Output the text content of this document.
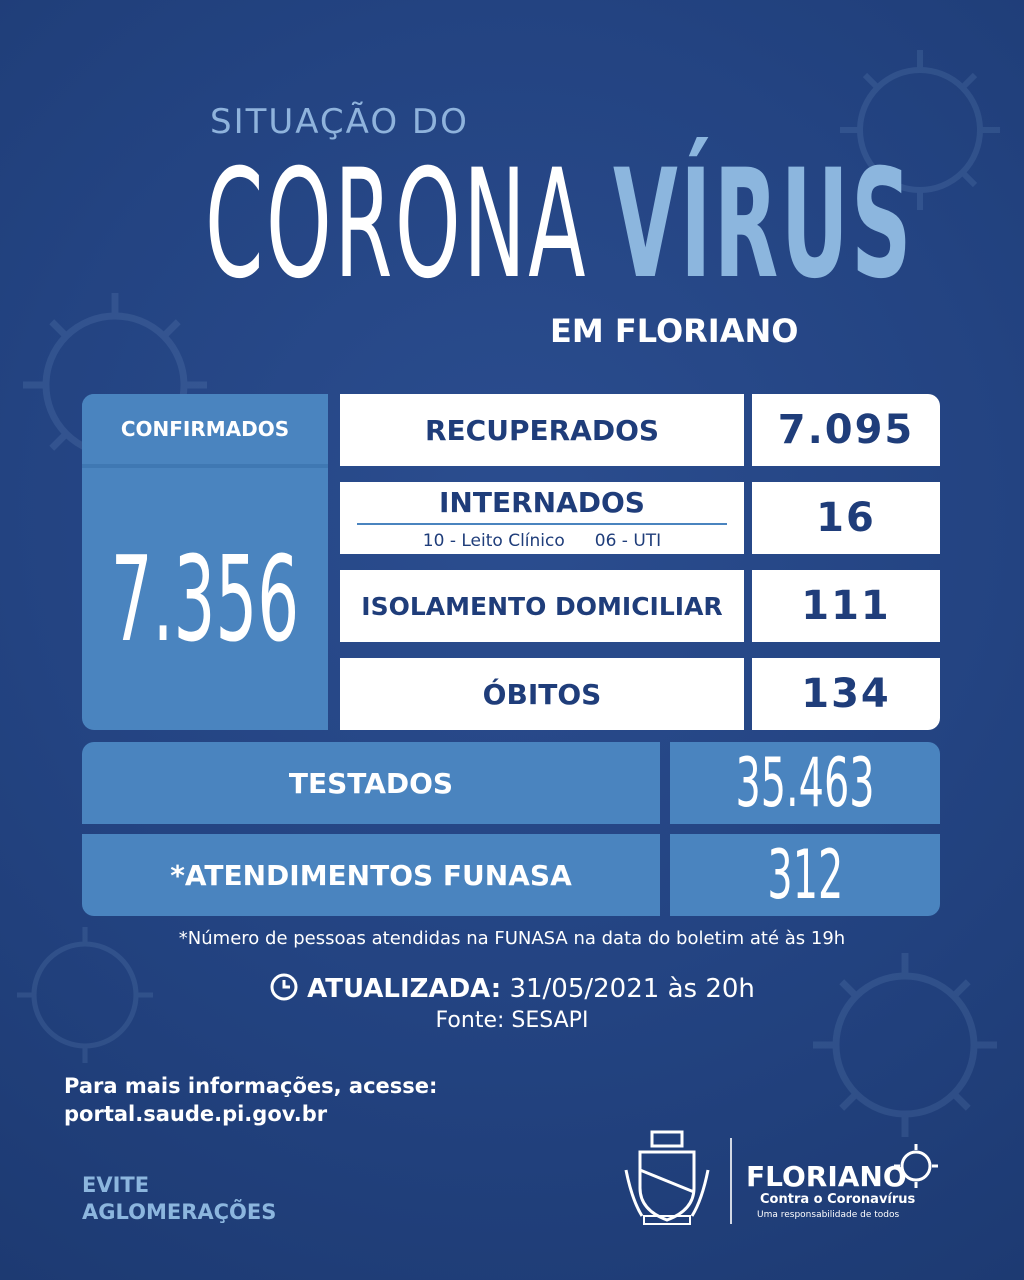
SITUAÇÃO DO
CORONA VÍRUS
EM FLORIANO
CONFIRMADOS
7.356
RECUPERADOS	7.095
INTERNADOS
10 - Leito Clínico 06 - UTI	16
ISOLAMENTO DOMICILIAR	111
ÓBITOS	134
TESTADOS	35.463
*ATENDIMENTOS FUNASA	312
*Número de pessoas atendidas na FUNASA na data do boletim até às 19h
ATUALIZADA: 31/05/2021 às 20h
Fonte: SESAPI
Para mais informações, acesse:
portal.saude.pi.gov.br
EVITE
AGLOMERAÇÕES
FLORIANO
Contra o Coronavírus
Uma responsabilidade de todos
